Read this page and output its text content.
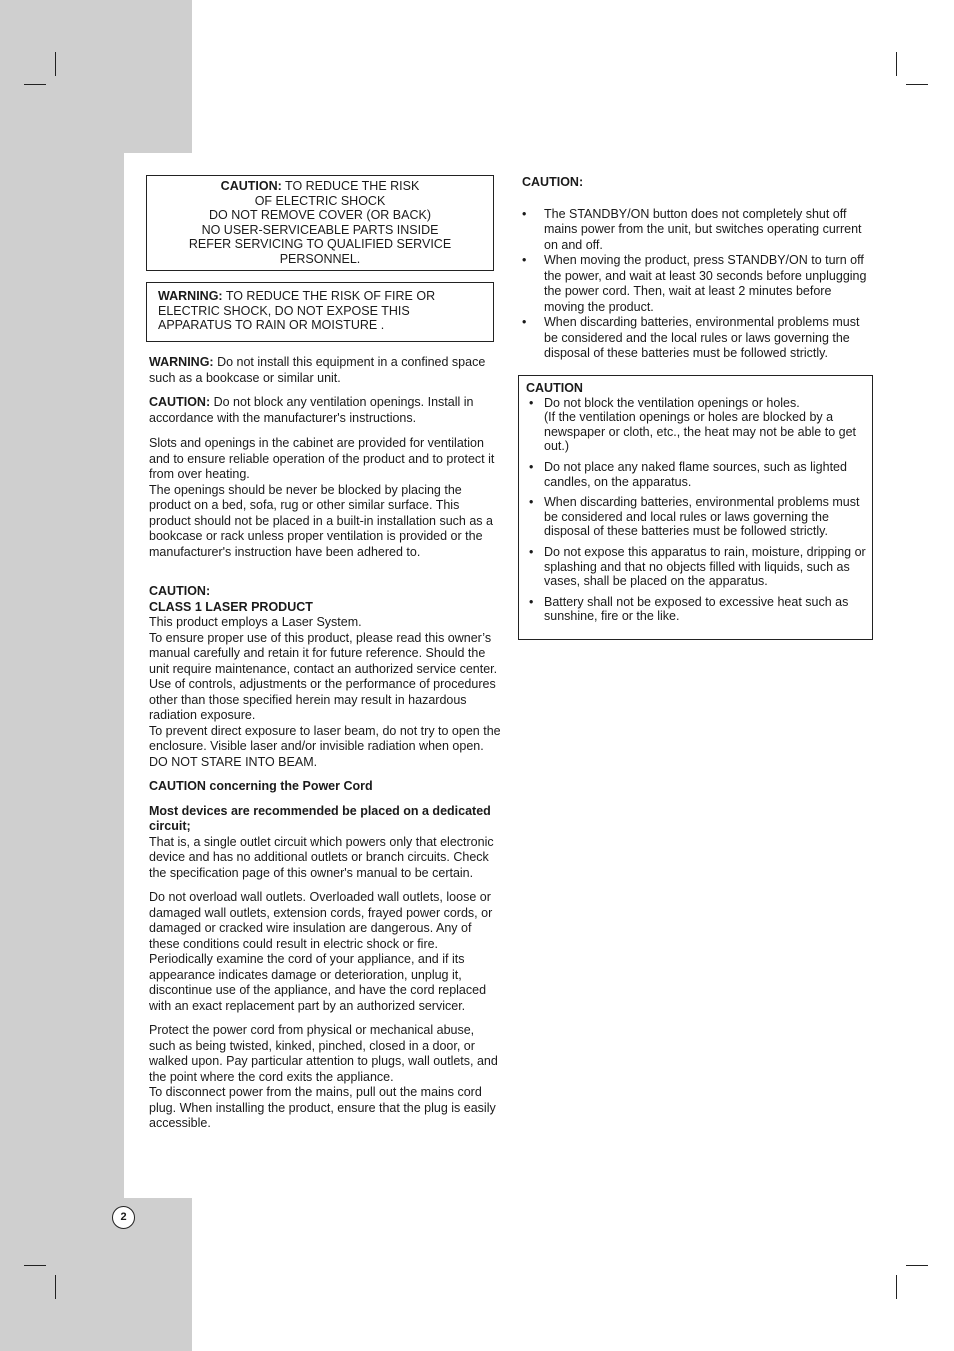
CAUTION: TO REDUCE THE RISK
OF ELECTRIC SHOCK
DO NOT REMOVE COVER (OR BACK)
NO USER-SERVICEABLE PARTS INSIDE
REFER SERVICING TO QUALIFIED SERVICE
PERSONNEL.
WARNING: TO REDUCE THE RISK OF FIRE OR ELECTRIC SHOCK, DO NOT EXPOSE THIS APPARATUS TO RAIN OR MOISTURE .

WARNING: Do not install this equipment in a confined space such as a bookcase or similar unit.

CAUTION: Do not block any ventilation openings. Install in accordance with the manufacturer's instructions.

Slots and openings in the cabinet are provided for ventilation and to ensure reliable operation of the product and to protect it from over heating.
The openings should be never be blocked by placing the product on a bed, sofa, rug or other similar surface. This product should not be placed in a built-in installation such as a bookcase or rack unless proper ventilation is provided or the manufacturer's instruction have been adhered to.

CAUTION:
CLASS 1 LASER PRODUCT
This product employs a Laser System.
To ensure proper use of this product, please read this owner’s manual carefully and retain it for future reference. Should the unit require maintenance, contact an authorized service center.
Use of controls, adjustments or the performance of procedures other than those specified herein may result in hazardous radiation exposure.
To prevent direct exposure to laser beam, do not try to open the enclosure. Visible laser and/or invisible radiation when open. DO NOT STARE INTO BEAM.

CAUTION concerning the Power Cord

Most devices are recommended be placed on a dedicated circuit;
That is, a single outlet circuit which powers only that electronic device and has no additional outlets or branch circuits. Check the specification page of this owner's manual to be certain.

Do not overload wall outlets. Overloaded wall outlets, loose or damaged wall outlets, extension cords, frayed power cords, or damaged or cracked wire insulation are dangerous. Any of these conditions could result in electric shock or fire. Periodically examine the cord of your appliance, and if its appearance indicates damage or deterioration, unplug it, discontinue use of the appliance, and have the cord replaced with an exact replacement part by an authorized servicer.

Protect the power cord from physical or mechanical abuse, such as being twisted, kinked, pinched, closed in a door, or walked upon. Pay particular attention to plugs, wall outlets, and the point where the cord exits the appliance.
To disconnect power from the mains, pull out the mains cord plug. When installing the product, ensure that the plug is easily accessible.

CAUTION:
• The STANDBY/ON button does not completely shut off mains power from the unit, but switches operating current on and off.
• When moving the product, press STANDBY/ON to turn off the power, and wait at least 30 seconds before unplugging the power cord. Then, wait at least 2 minutes before moving the product.
• When discarding batteries, environmental problems must be considered and the local rules or laws governing the disposal of these batteries must be followed strictly.
CAUTION
• Do not block the ventilation openings or holes.
(If the ventilation openings or holes are blocked by a newspaper or cloth, etc., the heat may not be able to get out.)
• Do not place any naked flame sources, such as lighted candles, on the apparatus.
• When discarding batteries, environmental problems must be considered and local rules or laws governing the disposal of these batteries must be followed strictly.
• Do not expose this apparatus to rain, moisture, dripping or splashing and that no objects filled with liquids, such as vases, shall be placed on the apparatus.
• Battery shall not be exposed to excessive heat such as sunshine, fire or the like.
2
